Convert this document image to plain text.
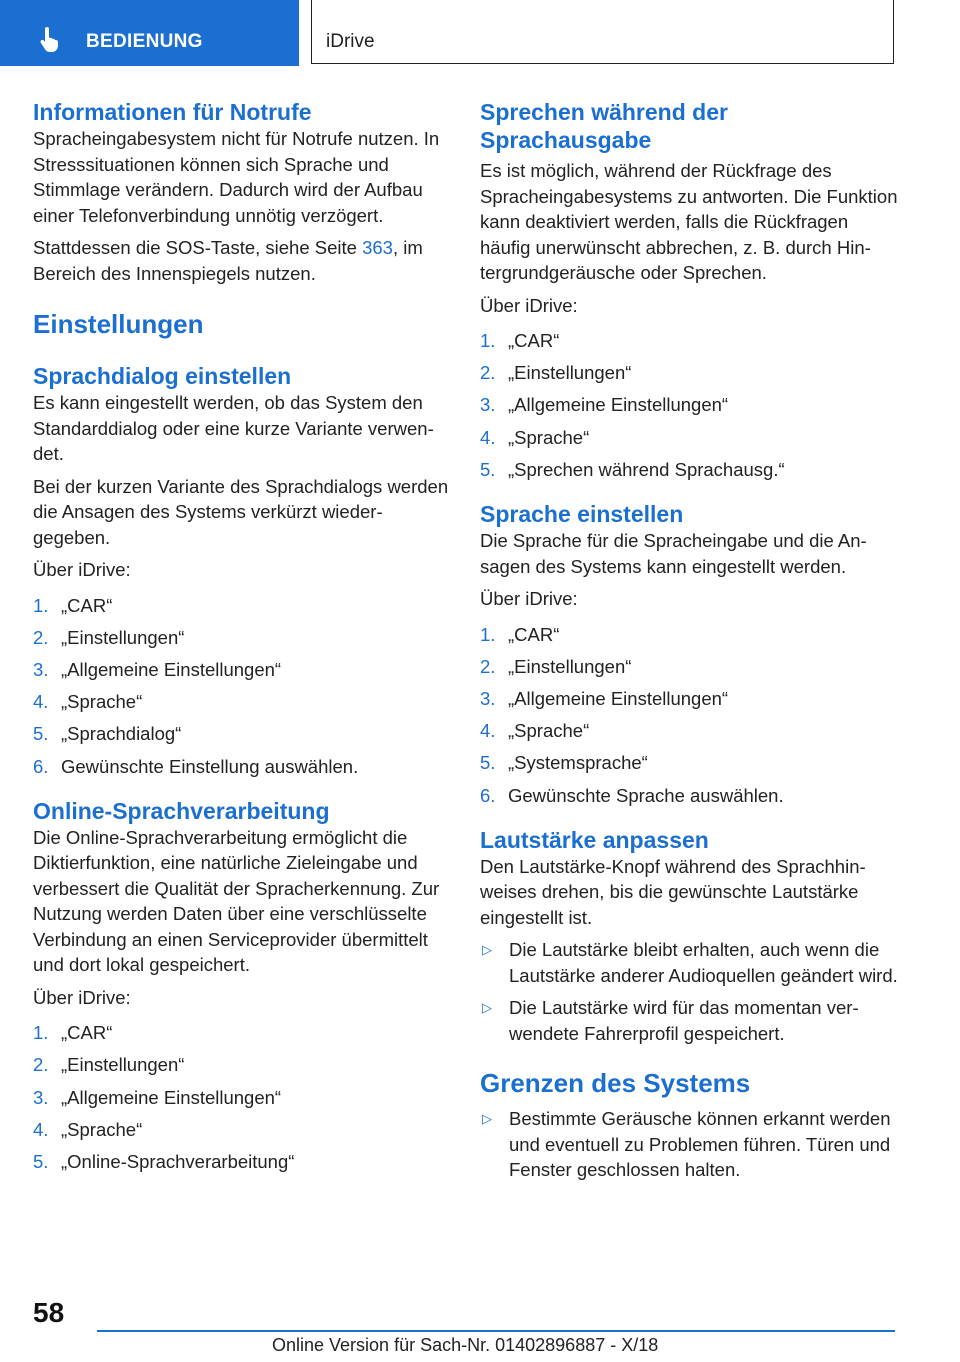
BEDIENUNG	iDrive
Informationen für Notrufe

Spracheingabesystem nicht für Notrufe nutzen. In Stresssituationen können sich Sprache und Stimmlage verändern. Dadurch wird der Aufbau einer Telefonverbindung unnötig verzögert.

Stattdessen die SOS-Taste, siehe Seite 363, im Bereich des Innenspiegels nutzen.

Einstellungen
Sprachdialog einstellen

Es kann eingestellt werden, ob das System den Standarddialog oder eine kurze Variante verwendet.

Bei der kurzen Variante des Sprachdialogs werden die Ansagen des Systems verkürzt wiedergegeben.

Über iDrive:

1. „CAR“
2. „Einstellungen“
3. „Allgemeine Einstellungen“
4. „Sprache“
5. „Sprachdialog“
6. Gewünschte Einstellung auswählen.
Online-Sprachverarbeitung

Die Online-Sprachverarbeitung ermöglicht die Diktierfunktion, eine natürliche Zieleingabe und verbessert die Qualität der Spracherkennung. Zur Nutzung werden Daten über eine verschlüsselte Verbindung an einen Serviceprovider übermittelt und dort lokal gespeichert.

Über iDrive:

1. „CAR“
2. „Einstellungen“
3. „Allgemeine Einstellungen“
4. „Sprache“
5. „Online-Sprachverarbeitung“
Sprechen während der Sprachausgabe

Es ist möglich, während der Rückfrage des Spracheingabesystems zu antworten. Die Funktion kann deaktiviert werden, falls die Rückfragen häufig unerwünscht abbrechen, z. B. durch Hintergrundgeräusche oder Sprechen.

Über iDrive:

1. „CAR“
2. „Einstellungen“
3. „Allgemeine Einstellungen“
4. „Sprache“
5. „Sprechen während Sprachausg.“
Sprache einstellen

Die Sprache für die Spracheingabe und die Ansagen des Systems kann eingestellt werden.

Über iDrive:

1. „CAR“
2. „Einstellungen“
3. „Allgemeine Einstellungen“
4. „Sprache“
5. „Systemsprache“
6. Gewünschte Sprache auswählen.
Lautstärke anpassen

Den Lautstärke-Knopf während des Sprachhinweises drehen, bis die gewünschte Lautstärke eingestellt ist.

▷ Die Lautstärke bleibt erhalten, auch wenn die Lautstärke anderer Audioquellen geändert wird.
▷ Die Lautstärke wird für das momentan verwendete Fahrerprofil gespeichert.
Grenzen des Systems
▷ Bestimmte Geräusche können erkannt werden und eventuell zu Problemen führen. Türen und Fenster geschlossen halten.
58
Online Version für Sach-Nr. 01402896887 - X/18
